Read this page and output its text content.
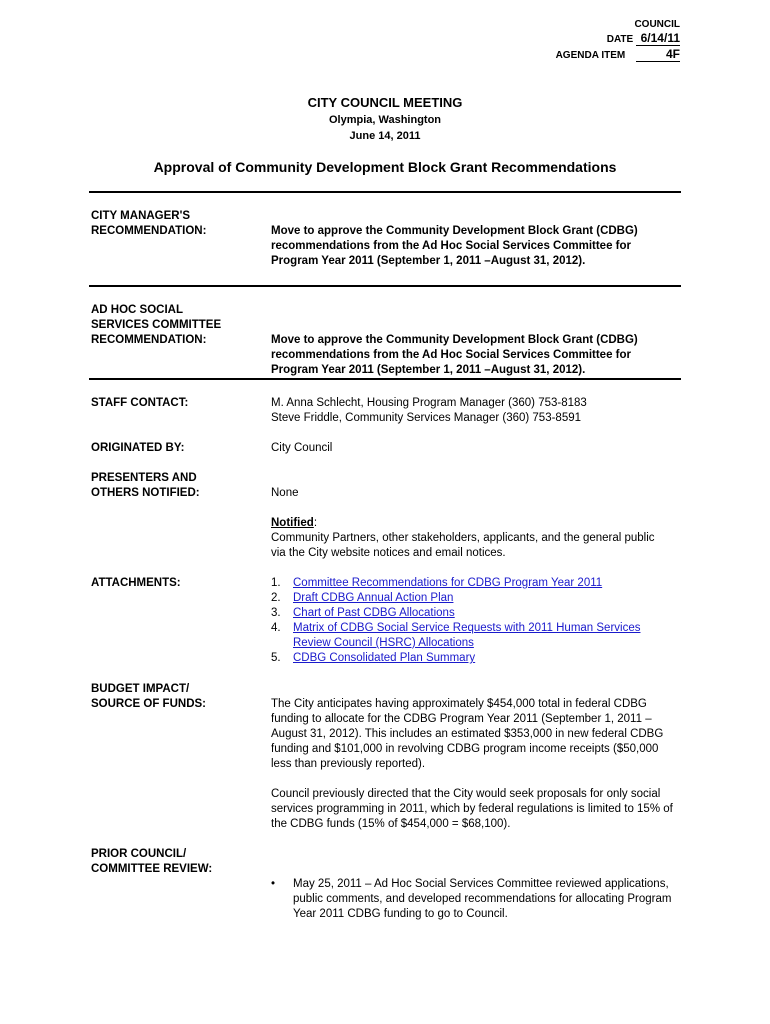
COUNCIL
DATE 6/14/11
AGENDA ITEM	4F
CITY COUNCIL MEETING
Olympia, Washington
June 14, 2011
Approval of Community Development Block Grant Recommendations
CITY MANAGER'S
RECOMMENDATION:	Move to approve the Community Development Block Grant (CDBG) recommendations from the Ad Hoc Social Services Committee for Program Year 2011 (September 1, 2011 –August 31, 2012).
AD HOC SOCIAL
SERVICES COMMITTEE
RECOMMENDATION:	Move to approve the Community Development Block Grant (CDBG) recommendations from the Ad Hoc Social Services Committee for Program Year 2011 (September 1, 2011 –August 31, 2012).
STAFF CONTACT:	M. Anna Schlecht, Housing Program Manager (360) 753-8183
Steve Friddle, Community Services Manager (360) 753-8591
ORIGINATED BY:	City Council
PRESENTERS AND
OTHERS NOTIFIED:	None
Notified:
Community Partners, other stakeholders, applicants, and the general public via the City website notices and email notices.
ATTACHMENTS:	1. Committee Recommendations for CDBG Program Year 2011
2. Draft CDBG Annual Action Plan
3. Chart of Past CDBG Allocations
4. Matrix of CDBG Social Service Requests with 2011 Human Services Review Council (HSRC) Allocations
5. CDBG Consolidated Plan Summary
BUDGET IMPACT/
SOURCE OF FUNDS:	The City anticipates having approximately $454,000 total in federal CDBG funding to allocate for the CDBG Program Year 2011 (September 1, 2011 – August 31, 2012). This includes an estimated $353,000 in new federal CDBG funding and $101,000 in revolving CDBG program income receipts ($50,000 less than previously reported).
Council previously directed that the City would seek proposals for only social services programming in 2011, which by federal regulations is limited to 15% of the CDBG funds (15% of $454,000 = $68,100).
PRIOR COUNCIL/
COMMITTEE REVIEW:
• May 25, 2011 – Ad Hoc Social Services Committee reviewed applications, public comments, and developed recommendations for allocating Program Year 2011 CDBG funding to go to Council.
